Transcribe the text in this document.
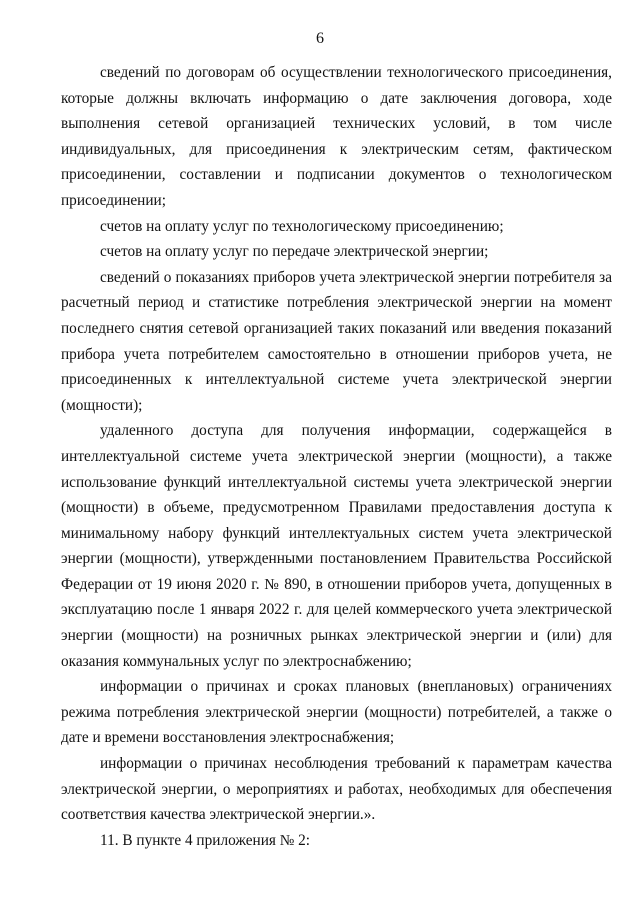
6

сведений по договорам об осуществлении технологического присоединения, которые должны включать информацию о дате заключения договора, ходе выполнения сетевой организацией технических условий, в том числе индивидуальных, для присоединения к электрическим сетям, фактическом присоединении, составлении и подписании документов о технологическом присоединении;

счетов на оплату услуг по технологическому присоединению;

счетов на оплату услуг по передаче электрической энергии;

сведений о показаниях приборов учета электрической энергии потребителя за расчетный период и статистике потребления электрической энергии на момент последнего снятия сетевой организацией таких показаний или введения показаний прибора учета потребителем самостоятельно в отношении приборов учета, не присоединенных к интеллектуальной системе учета электрической энергии (мощности);

удаленного доступа для получения информации, содержащейся в интеллектуальной системе учета электрической энергии (мощности), а также использование функций интеллектуальной системы учета электрической энергии (мощности) в объеме, предусмотренном Правилами предоставления доступа к минимальному набору функций интеллектуальных систем учета электрической энергии (мощности), утвержденными постановлением Правительства Российской Федерации от 19 июня 2020 г. № 890, в отношении приборов учета, допущенных в эксплуатацию после 1 января 2022 г. для целей коммерческого учета электрической энергии (мощности) на розничных рынках электрической энергии и (или) для оказания коммунальных услуг по электроснабжению;

информации о причинах и сроках плановых (внеплановых) ограничениях режима потребления электрической энергии (мощности) потребителей, а также о дате и времени восстановления электроснабжения;

информации о причинах несоблюдения требований к параметрам качества электрической энергии, о мероприятиях и работах, необходимых для обеспечения соответствия качества электрической энергии.».

11. В пункте 4 приложения № 2:
